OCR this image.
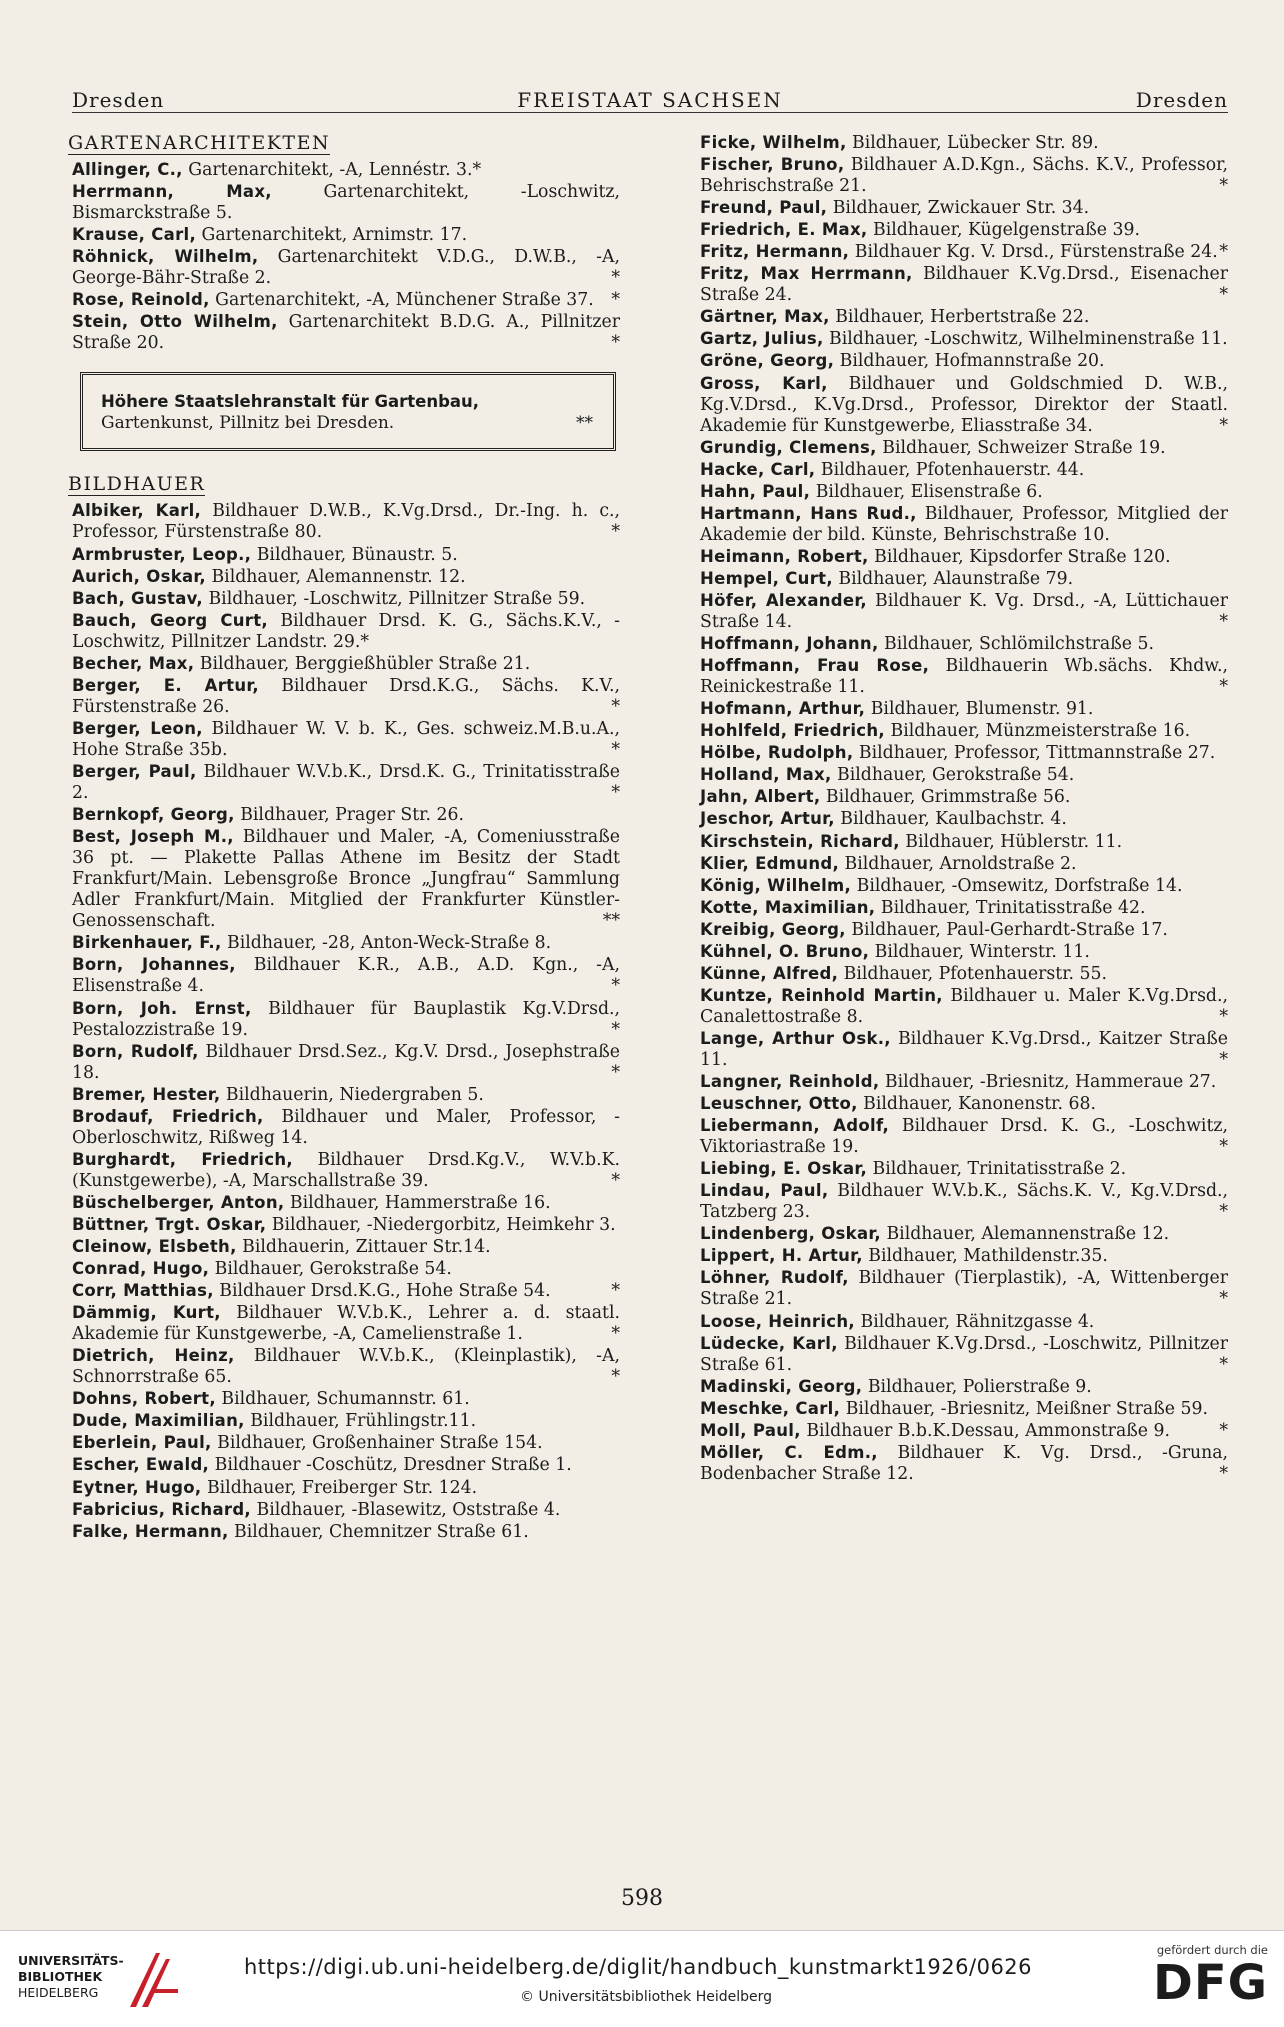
Dresden	FREISTAAT SACHSEN	Dresden
GARTENARCHITEKTEN
Allinger, C., Gartenarchitekt, -A, Lennéstr. 3.*
Herrmann, Max, Gartenarchitekt, -Loschwitz, Bismarckstraße 5.
Krause, Carl, Gartenarchitekt, Arnimstr. 17.
Röhnick, Wilhelm, Gartenarchitekt V.D.G., D.W.B., -A, George-Bähr-Straße 2.	*
Rose, Reinold, Gartenarchitekt, -A, Münchener Straße 37. *
Stein, Otto Wilhelm, Gartenarchitekt B.D.G. A., Pillnitzer Straße 20.	*
Höhere Staatslehranstalt für Gartenbau,
Gartenkunst, Pillnitz bei Dresden.	**
BILDHAUER
Albiker, Karl, Bildhauer D.W.B., K.Vg.Drsd., Dr.-Ing. h. c., Professor, Fürstenstraße 80.	*
Armbruster, Leop., Bildhauer, Bünaustr. 5.
Aurich, Oskar, Bildhauer, Alemannenstr. 12.
Bach, Gustav, Bildhauer, -Loschwitz, Pillnitzer Straße 59.
Bauch, Georg Curt, Bildhauer Drsd. K. G., Sächs.K.V., -Loschwitz, Pillnitzer Landstr. 29.*
Becher, Max, Bildhauer, Berggießhübler Straße 21.
Berger, E. Artur, Bildhauer Drsd.K.G., Sächs. K.V., Fürstenstraße 26.	*
Berger, Leon, Bildhauer W. V. b. K., Ges. schweiz.M.B.u.A., Hohe Straße 35b.	*
Berger, Paul, Bildhauer W.V.b.K., Drsd.K. G., Trinitatisstraße 2.	*
Bernkopf, Georg, Bildhauer, Prager Str. 26.
Best, Joseph M., Bildhauer und Maler, -A, Comeniusstraße 36 pt. — Plakette Pallas Athene im Besitz der Stadt Frankfurt/Main. Lebensgroße Bronce „Jungfrau“ Sammlung Adler Frankfurt/Main. Mitglied der Frankfurter Künstler-Genossenschaft.	**
Birkenhauer, F., Bildhauer, -28, Anton-Weck-Straße 8.
Born, Johannes, Bildhauer K.R., A.B., A.D. Kgn., -A, Elisenstraße 4.	*
Born, Joh. Ernst, Bildhauer für Bauplastik Kg.V.Drsd., Pestalozzistraße 19.	*
Born, Rudolf, Bildhauer Drsd.Sez., Kg.V. Drsd., Josephstraße 18.	*
Bremer, Hester, Bildhauerin, Niedergraben 5.
Brodauf, Friedrich, Bildhauer und Maler, Professor, -Oberloschwitz, Rißweg 14.
Burghardt, Friedrich, Bildhauer Drsd.Kg.V., W.V.b.K. (Kunstgewerbe), -A, Marschallstraße 39.	*
Büschelberger, Anton, Bildhauer, Hammerstraße 16.
Büttner, Trgt. Oskar, Bildhauer, -Niedergorbitz, Heimkehr 3.
Cleinow, Elsbeth, Bildhauerin, Zittauer Str.14.
Conrad, Hugo, Bildhauer, Gerokstraße 54.
Corr, Matthias, Bildhauer Drsd.K.G., Hohe Straße 54.	*
Dämmig, Kurt, Bildhauer W.V.b.K., Lehrer a. d. staatl. Akademie für Kunstgewerbe, -A, Camelienstraße 1.	*
Dietrich, Heinz, Bildhauer W.V.b.K., (Kleinplastik), -A, Schnorrstraße 65.	*
Dohns, Robert, Bildhauer, Schumannstr. 61.
Dude, Maximilian, Bildhauer, Frühlingstr.11.
Eberlein, Paul, Bildhauer, Großenhainer Straße 154.
Escher, Ewald, Bildhauer -Coschütz, Dresdner Straße 1.
Eytner, Hugo, Bildhauer, Freiberger Str. 124.
Fabricius, Richard, Bildhauer, -Blasewitz, Oststraße 4.
Falke, Hermann, Bildhauer, Chemnitzer Straße 61.
Ficke, Wilhelm, Bildhauer, Lübecker Str. 89.
Fischer, Bruno, Bildhauer A.D.Kgn., Sächs. K.V., Professor, Behrischstraße 21.	*
Freund, Paul, Bildhauer, Zwickauer Str. 34.
Friedrich, E. Max, Bildhauer, Kügelgenstraße 39.
Fritz, Hermann, Bildhauer Kg. V. Drsd., Fürstenstraße 24. *
Fritz, Max Herrmann, Bildhauer K.Vg.Drsd., Eisenacher Straße 24.	*
Gärtner, Max, Bildhauer, Herbertstraße 22.
Gartz, Julius, Bildhauer, -Loschwitz, Wilhelminenstraße 11.
Gröne, Georg, Bildhauer, Hofmannstraße 20.
Gross, Karl, Bildhauer und Goldschmied D. W.B., Kg.V.Drsd., K.Vg.Drsd., Professor, Direktor der Staatl. Akademie für Kunstgewerbe, Eliasstraße 34.	*
Grundig, Clemens, Bildhauer, Schweizer Straße 19.
Hacke, Carl, Bildhauer, Pfotenhauerstr. 44.
Hahn, Paul, Bildhauer, Elisenstraße 6.
Hartmann, Hans Rud., Bildhauer, Professor, Mitglied der Akademie der bild. Künste, Behrischstraße 10.
Heimann, Robert, Bildhauer, Kipsdorfer Straße 120.
Hempel, Curt, Bildhauer, Alaunstraße 79.
Höfer, Alexander, Bildhauer K. Vg. Drsd., -A, Lüttichauer Straße 14.	*
Hoffmann, Johann, Bildhauer, Schlömilchstraße 5.
Hoffmann, Frau Rose, Bildhauerin Wb.sächs. Khdw., Reinickestraße 11.	*
Hofmann, Arthur, Bildhauer, Blumenstr. 91.
Hohlfeld, Friedrich, Bildhauer, Münzmeisterstraße 16.
Hölbe, Rudolph, Bildhauer, Professor, Tittmannstraße 27.
Holland, Max, Bildhauer, Gerokstraße 54.
Jahn, Albert, Bildhauer, Grimmstraße 56.
Jeschor, Artur, Bildhauer, Kaulbachstr. 4.
Kirschstein, Richard, Bildhauer, Hüblerstr. 11.
Klier, Edmund, Bildhauer, Arnoldstraße 2.
König, Wilhelm, Bildhauer, -Omsewitz, Dorfstraße 14.
Kotte, Maximilian, Bildhauer, Trinitatisstraße 42.
Kreibig, Georg, Bildhauer, Paul-Gerhardt-Straße 17.
Kühnel, O. Bruno, Bildhauer, Winterstr. 11.
Künne, Alfred, Bildhauer, Pfotenhauerstr. 55.
Kuntze, Reinhold Martin, Bildhauer u. Maler K.Vg.Drsd., Canalettostraße 8.	*
Lange, Arthur Osk., Bildhauer K.Vg.Drsd., Kaitzer Straße 11.	*
Langner, Reinhold, Bildhauer, -Briesnitz, Hammeraue 27.
Leuschner, Otto, Bildhauer, Kanonenstr. 68.
Liebermann, Adolf, Bildhauer Drsd. K. G., -Loschwitz, Viktoriastraße 19.	*
Liebing, E. Oskar, Bildhauer, Trinitatisstraße 2.
Lindau, Paul, Bildhauer W.V.b.K., Sächs.K. V., Kg.V.Drsd., Tatzberg 23.	*
Lindenberg, Oskar, Bildhauer, Alemannenstraße 12.
Lippert, H. Artur, Bildhauer, Mathildenstr.35.
Löhner, Rudolf, Bildhauer (Tierplastik), -A, Wittenberger Straße 21.	*
Loose, Heinrich, Bildhauer, Rähnitzgasse 4.
Lüdecke, Karl, Bildhauer K.Vg.Drsd., -Loschwitz, Pillnitzer Straße 61.	*
Madinski, Georg, Bildhauer, Polierstraße 9.
Meschke, Carl, Bildhauer, -Briesnitz, Meißner Straße 59.
Moll, Paul, Bildhauer B.b.K.Dessau, Ammonstraße 9.	*
Möller, C. Edm., Bildhauer K. Vg. Drsd., -Gruna, Bodenbacher Straße 12.	*
598
UNIVERSITÄTS-
BIBLIOTHEK
HEIDELBERG
https://digi.ub.uni-heidelberg.de/diglit/handbuch_kunstmarkt1926/0626
© Universitätsbibliothek Heidelberg
gefördert durch die
DFG
